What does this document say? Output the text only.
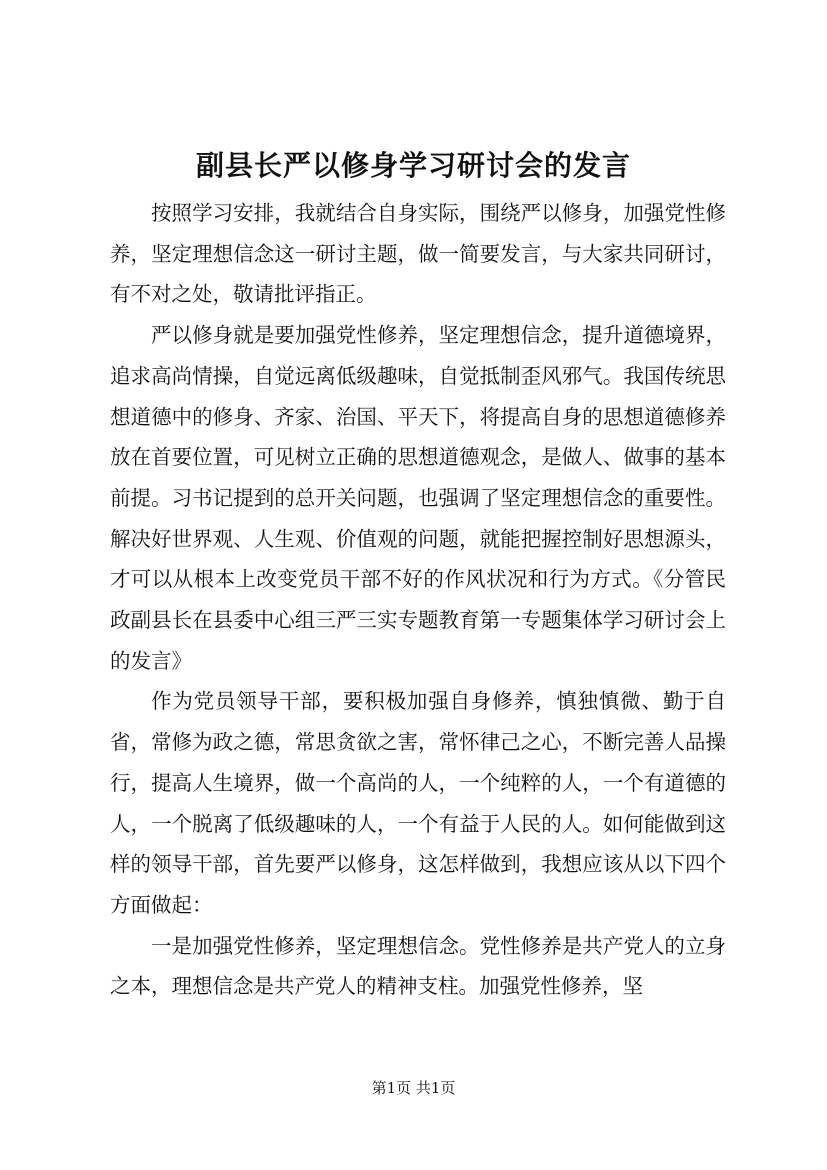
副县长严以修身学习研讨会的发言

按照学习安排，我就结合自身实际，围绕严以修身，加强党性修养，坚定理想信念这一研讨主题，做一简要发言，与大家共同研讨，有不对之处，敬请批评指正。

严以修身就是要加强党性修养，坚定理想信念，提升道德境界，追求高尚情操，自觉远离低级趣味，自觉抵制歪风邪气。我国传统思想道德中的修身、齐家、治国、平天下，将提高自身的思想道德修养放在首要位置，可见树立正确的思想道德观念，是做人、做事的基本前提。习书记提到的总开关问题，也强调了坚定理想信念的重要性。解决好世界观、人生观、价值观的问题，就能把握控制好思想源头，才可以从根本上改变党员干部不好的作风状况和行为方式。《分管民政副县长在县委中心组三严三实专题教育第一专题集体学习研讨会上的发言》

作为党员领导干部，要积极加强自身修养，慎独慎微、勤于自省，常修为政之德，常思贪欲之害，常怀律己之心，不断完善人品操行，提高人生境界，做一个高尚的人，一个纯粹的人，一个有道德的人，一个脱离了低级趣味的人，一个有益于人民的人。如何能做到这样的领导干部，首先要严以修身，这怎样做到，我想应该从以下四个方面做起：

一是加强党性修养，坚定理想信念。党性修养是共产党人的立身之本，理想信念是共产党人的精神支柱。加强党性修养，坚

第1页 共1页
